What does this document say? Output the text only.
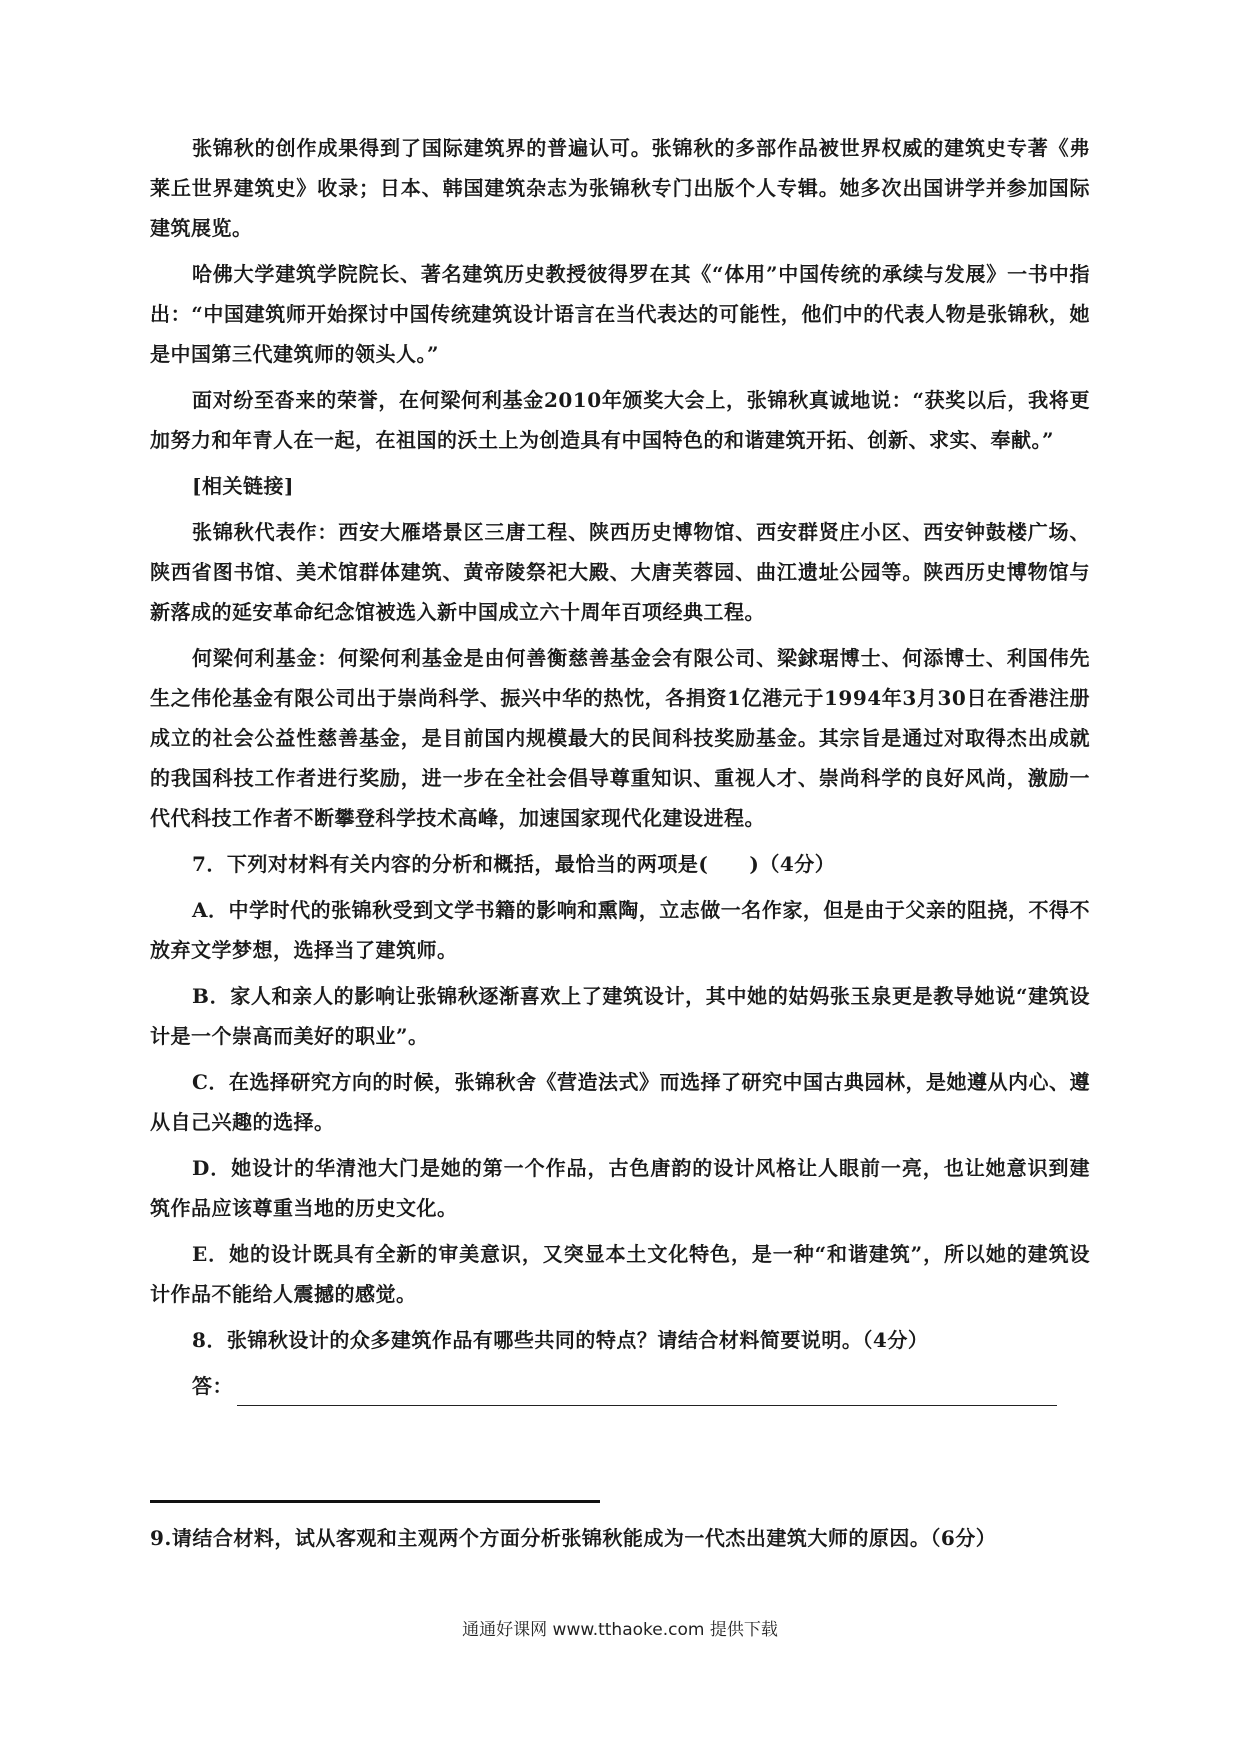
张锦秋的创作成果得到了国际建筑界的普遍认可。张锦秋的多部作品被世界权威的建筑史专著《弗莱丘世界建筑史》收录；日本、韩国建筑杂志为张锦秋专门出版个人专辑。她多次出国讲学并参加国际建筑展览。

哈佛大学建筑学院院长、著名建筑历史教授彼得罗在其《“体用”中国传统的承续与发展》一书中指出：“中国建筑师开始探讨中国传统建筑设计语言在当代表达的可能性，他们中的代表人物是张锦秋，她是中国第三代建筑师的领头人。”

面对纷至沓来的荣誉，在何梁何利基金2010年颁奖大会上，张锦秋真诚地说：“获奖以后，我将更加努力和年青人在一起，在祖国的沃土上为创造具有中国特色的和谐建筑开拓、创新、求实、奉献。”

[相关链接]

张锦秋代表作：西安大雁塔景区三唐工程、陕西历史博物馆、西安群贤庄小区、西安钟鼓楼广场、陕西省图书馆、美术馆群体建筑、黄帝陵祭祀大殿、大唐芙蓉园、曲江遗址公园等。陕西历史博物馆与新落成的延安革命纪念馆被选入新中国成立六十周年百项经典工程。

何梁何利基金：何梁何利基金是由何善衡慈善基金会有限公司、梁銶琚博士、何添博士、利国伟先生之伟伦基金有限公司出于崇尚科学、振兴中华的热忱，各捐资1亿港元于1994年3月30日在香港注册成立的社会公益性慈善基金，是目前国内规模最大的民间科技奖励基金。其宗旨是通过对取得杰出成就的我国科技工作者进行奖励，进一步在全社会倡导尊重知识、重视人才、崇尚科学的良好风尚，激励一代代科技工作者不断攀登科学技术高峰，加速国家现代化建设进程。

7．下列对材料有关内容的分析和概括，最恰当的两项是(　　)（4分）

A．中学时代的张锦秋受到文学书籍的影响和熏陶，立志做一名作家，但是由于父亲的阻挠，不得不放弃文学梦想，选择当了建筑师。

B．家人和亲人的影响让张锦秋逐渐喜欢上了建筑设计，其中她的姑妈张玉泉更是教导她说“建筑设计是一个崇高而美好的职业”。

C．在选择研究方向的时候，张锦秋舍《营造法式》而选择了研究中国古典园林，是她遵从内心、遵从自己兴趣的选择。

D．她设计的华清池大门是她的第一个作品，古色唐韵的设计风格让人眼前一亮，也让她意识到建筑作品应该尊重当地的历史文化。

E．她的设计既具有全新的审美意识，又突显本土文化特色，是一种“和谐建筑”，所以她的建筑设计作品不能给人震撼的感觉。

8．张锦秋设计的众多建筑作品有哪些共同的特点？请结合材料简要说明。（4分）

答：
9.请结合材料，试从客观和主观两个方面分析张锦秋能成为一代杰出建筑大师的原因。（6分）
通通好课网 www.tthaoke.com 提供下载
